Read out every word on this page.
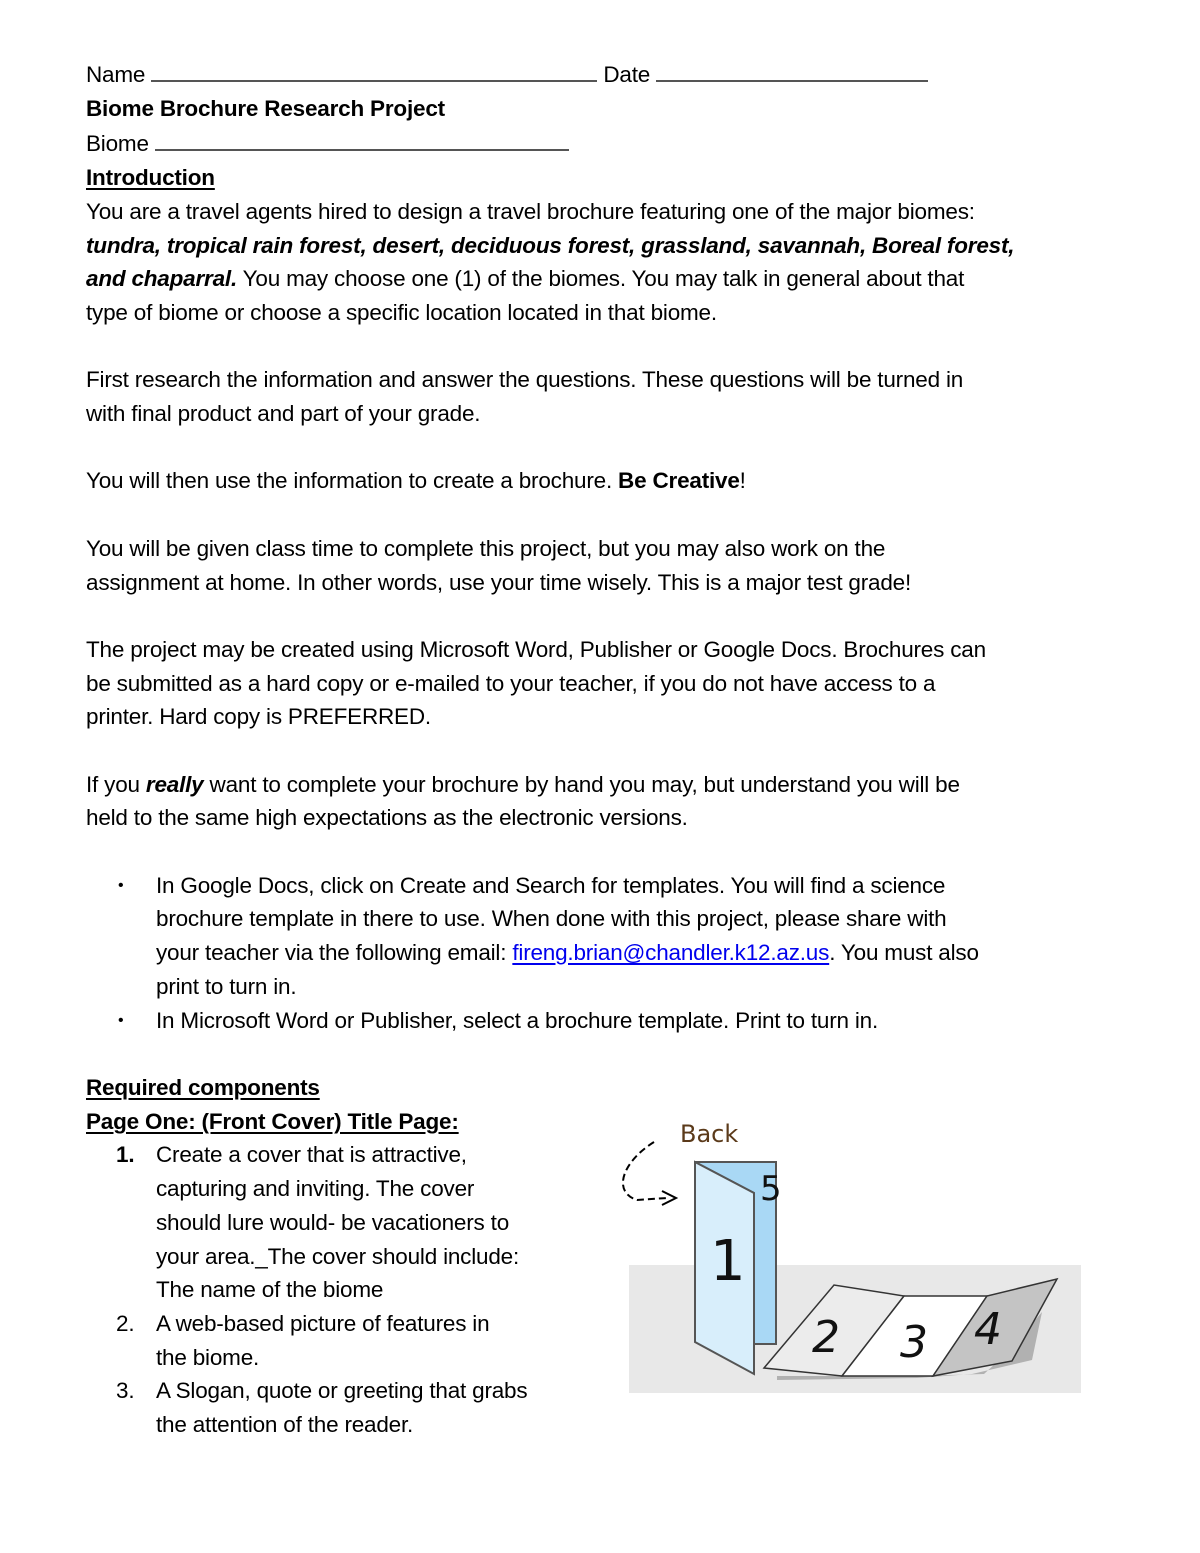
Name	Date
Biome Brochure Research Project
Biome
Introduction
You are a travel agents hired to design a travel brochure featuring one of the major biomes:
tundra, tropical rain forest, desert, deciduous forest, grassland, savannah, Boreal forest,
and chaparral. You may choose one (1) of the biomes. You may talk in general about that
type of biome or choose a specific location located in that biome.
First research the information and answer the questions. These questions will be turned in
with final product and part of your grade.
You will then use the information to create a brochure. Be Creative!
You will be given class time to complete this project, but you may also work on the
assignment at home. In other words, use your time wisely. This is a major test grade!
The project may be created using Microsoft Word, Publisher or Google Docs. Brochures can
be submitted as a hard copy or e-mailed to your teacher, if you do not have access to a
printer. Hard copy is PREFERRED.
If you really want to complete your brochure by hand you may, but understand you will be
held to the same high expectations as the electronic versions.
• In Google Docs, click on Create and Search for templates. You will find a science
brochure template in there to use. When done with this project, please share with
your teacher via the following email: fireng.brian@chandler.k12.az.us. You must also
print to turn in.
• In Microsoft Word or Publisher, select a brochure template. Print to turn in.
Required components
Page One: (Front Cover) Title Page:
1. Create a cover that is attractive,
capturing and inviting. The cover
should lure would- be vacationers to
your area._The cover should include:
The name of the biome
2. A web-based picture of features in
the biome.
3. A Slogan, quote or greeting that grabs
the attention of the reader.
5
1
2 3 4
Back
